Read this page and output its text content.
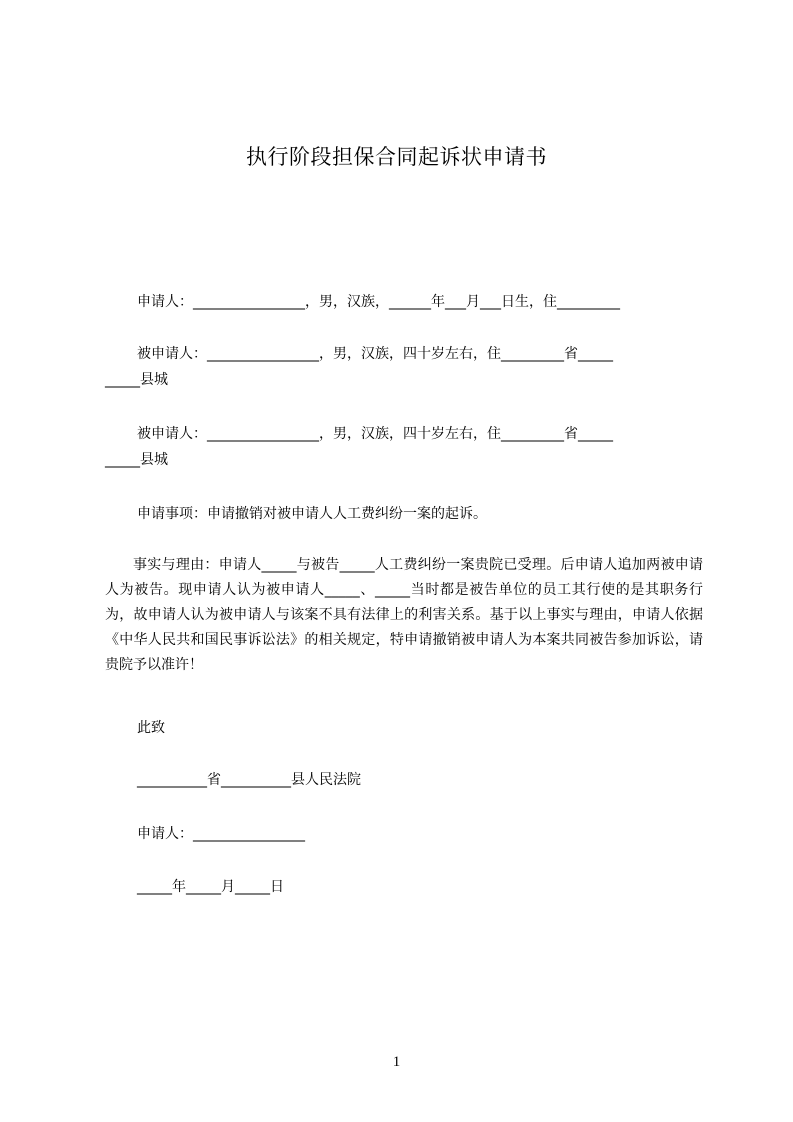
执行阶段担保合同起诉状申请书
申请人：________________，男，汉族，______年___月___日生，住_________
被申请人：________________，男，汉族，四十岁左右，住_________省_____
_____县城
被申请人：________________，男，汉族，四十岁左右，住_________省_____
_____县城
申请事项：申请撤销对被申请人人工费纠纷一案的起诉。
事实与理由：申请人_____与被告_____人工费纠纷一案贵院已受理。后申请人追加两被申请人为被告。现申请人认为被申请人_____、_____当时都是被告单位的员工其行使的是其职务行为，故申请人认为被申请人与该案不具有法律上的利害关系。基于以上事实与理由，申请人依据《中华人民共和国民事诉讼法》的相关规定，特申请撤销被申请人为本案共同被告参加诉讼，请贵院予以准许！
此致
__________省__________县人民法院
申请人：________________
_____年_____月_____日
1
